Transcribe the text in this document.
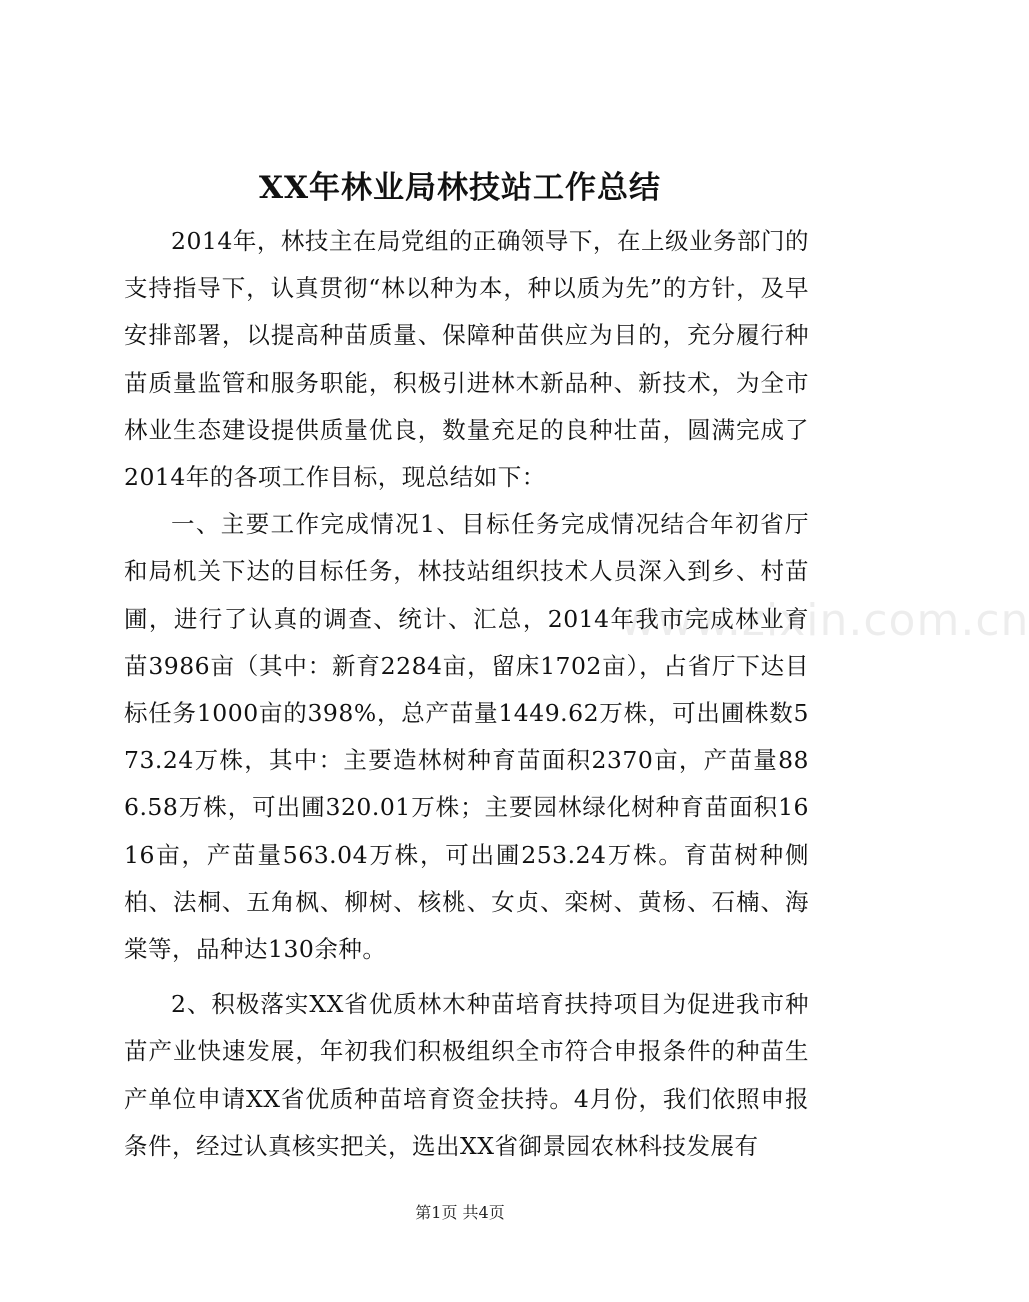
XX年林业局林技站工作总结

2014年，林技主在局党组的正确领导下，在上级业务部门的支持指导下，认真贯彻“林以种为本，种以质为先”的方针，及早安排部署，以提高种苗质量、保障种苗供应为目的，充分履行种苗质量监管和服务职能，积极引进林木新品种、新技术，为全市林业生态建设提供质量优良，数量充足的良种壮苗，圆满完成了2014年的各项工作目标，现总结如下：

一、主要工作完成情况1、目标任务完成情况结合年初省厅和局机关下达的目标任务，林技站组织技术人员深入到乡、村苗圃，进行了认真的调查、统计、汇总，2014年我市完成林业育苗3986亩（其中：新育2284亩，留床1702亩），占省厅下达目标任务1000亩的398%，总产苗量1449.62万株，可出圃株数573.24万株，其中：主要造林树种育苗面积2370亩，产苗量886.58万株，可出圃320.01万株；主要园林绿化树种育苗面积1616亩，产苗量563.04万株，可出圃253.24万株。育苗树种侧柏、法桐、五角枫、柳树、核桃、女贞、栾树、黄杨、石楠、海棠等，品种达130余种。

2、积极落实XX省优质林木种苗培育扶持项目为促进我市种苗产业快速发展，年初我们积极组织全市符合申报条件的种苗生产单位申请XX省优质种苗培育资金扶持。4月份，我们依照申报条件，经过认真核实把关，选出XX省御景园农林科技发展有

www.zixin.com.cn
第1页 共4页
